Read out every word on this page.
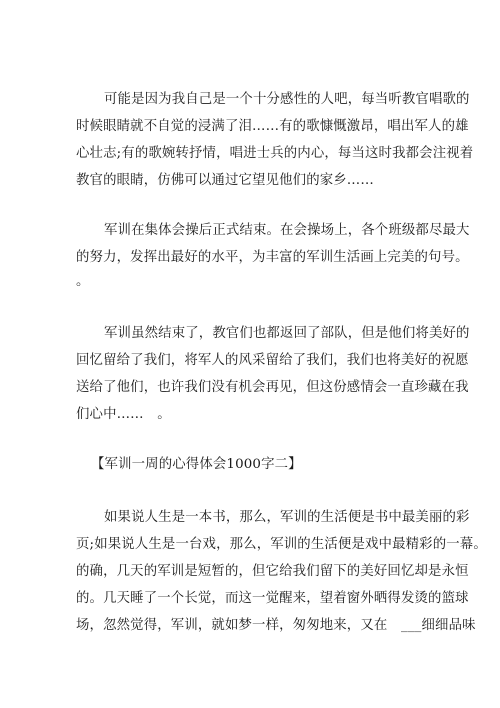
可能是因为我自己是一个十分感性的人吧，每当听教官唱歌的
时候眼睛就不自觉的浸满了泪……有的歌慷慨激昂，唱出军人的雄
心壮志;有的歌婉转抒情，唱进士兵的内心，每当这时我都会注视着
教官的眼睛，仿佛可以通过它望见他们的家乡……
军训在集体会操后正式结束。在会操场上，各个班级都尽最大
的努力，发挥出最好的水平，为丰富的军训生活画上完美的句号。
。
军训虽然结束了，教官们也都返回了部队，但是他们将美好的
回忆留给了我们，将军人的风采留给了我们，我们也将美好的祝愿
送给了他们，也许我们没有机会再见，但这份感情会一直珍藏在我
们心中……　。
【军训一周的心得体会1000字二】
如果说人生是一本书，那么，军训的生活便是书中最美丽的彩
页;如果说人生是一台戏，那么，军训的生活便是戏中最精彩的一幕。
的确，几天的军训是短暂的，但它给我们留下的美好回忆却是永恒
的。几天睡了一个长觉，而这一觉醒来，望着窗外晒得发烫的篮球
场，忽然觉得，军训，就如梦一样，匆匆地来，又在　___细细品味
